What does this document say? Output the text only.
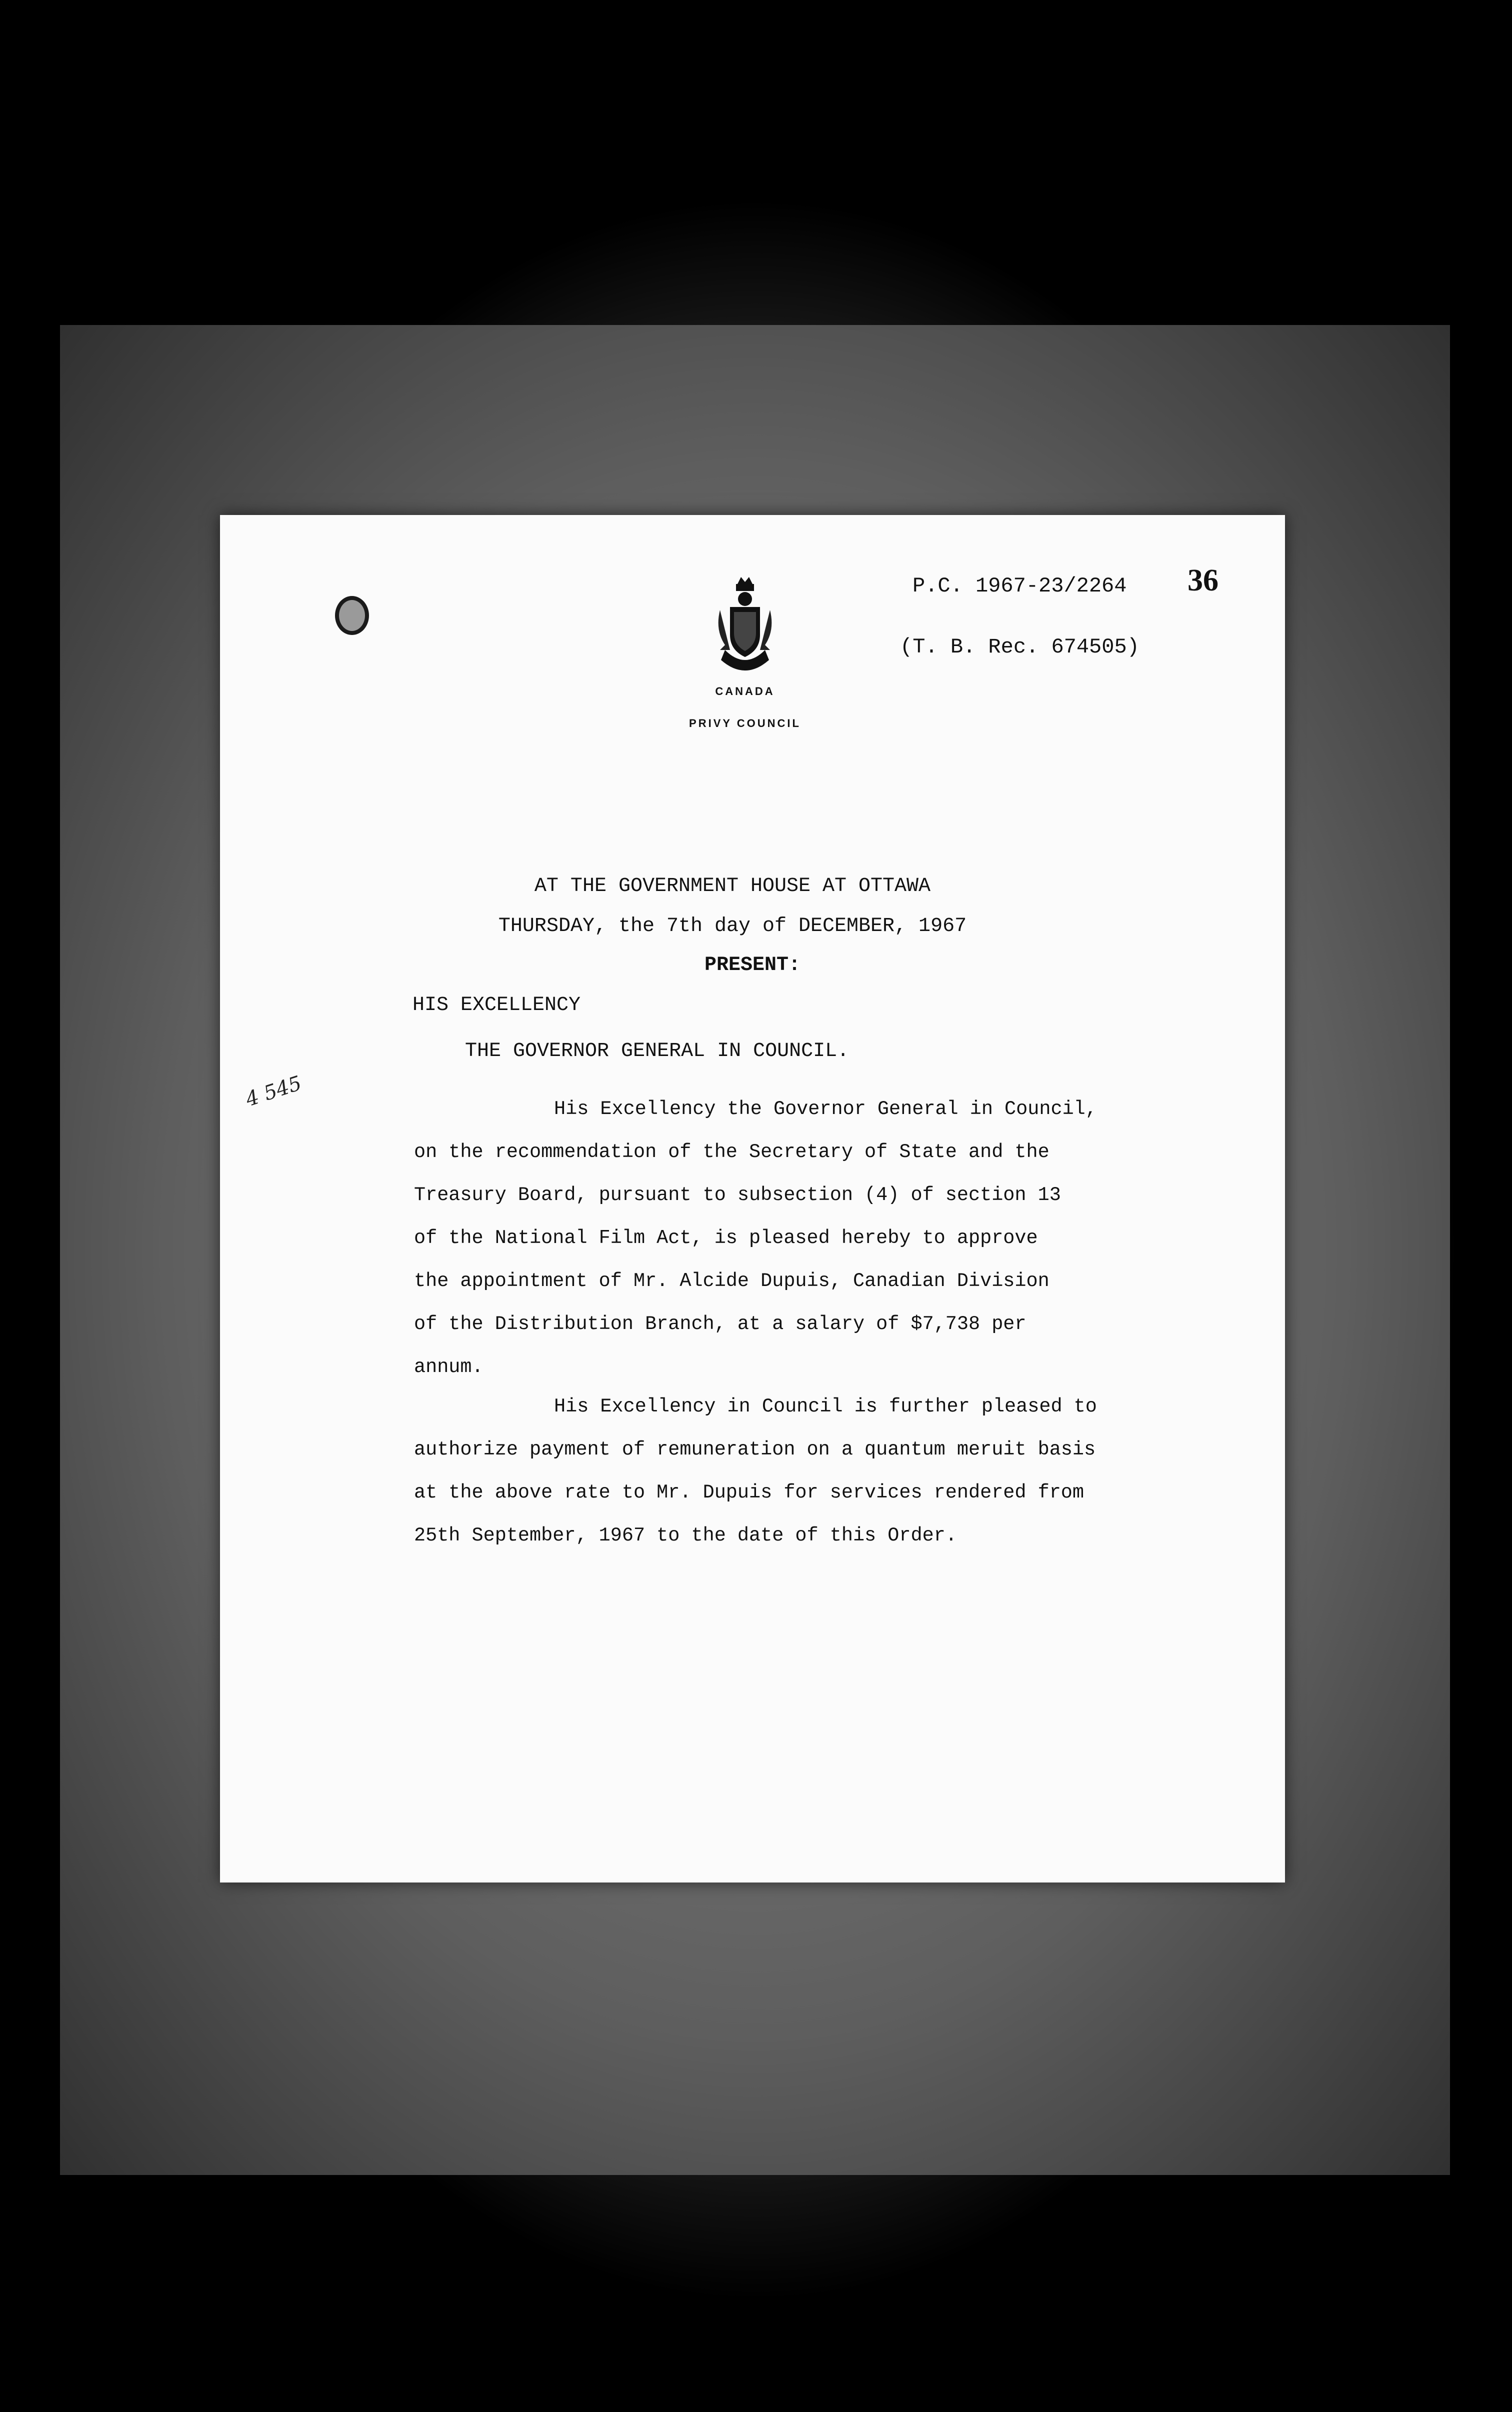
CANADA
PRIVY COUNCIL
P.C. 1967-23/2264
(T. B. Rec. 674505)
36
AT THE GOVERNMENT HOUSE AT OTTAWA
THURSDAY, the 7th day of DECEMBER, 1967
PRESENT:
HIS EXCELLENCY
THE GOVERNOR GENERAL IN COUNCIL.
His Excellency the Governor General in Council,
on the recommendation of the Secretary of State and the
Treasury Board, pursuant to subsection (4) of section 13
of the National Film Act, is pleased hereby to approve
the appointment of Mr. Alcide Dupuis, Canadian Division
of the Distribution Branch, at a salary of $7,738 per
annum.
His Excellency in Council is further pleased to
authorize payment of remuneration on a quantum meruit basis
at the above rate to Mr. Dupuis for services rendered from
25th September, 1967 to the date of this Order.
4 545
